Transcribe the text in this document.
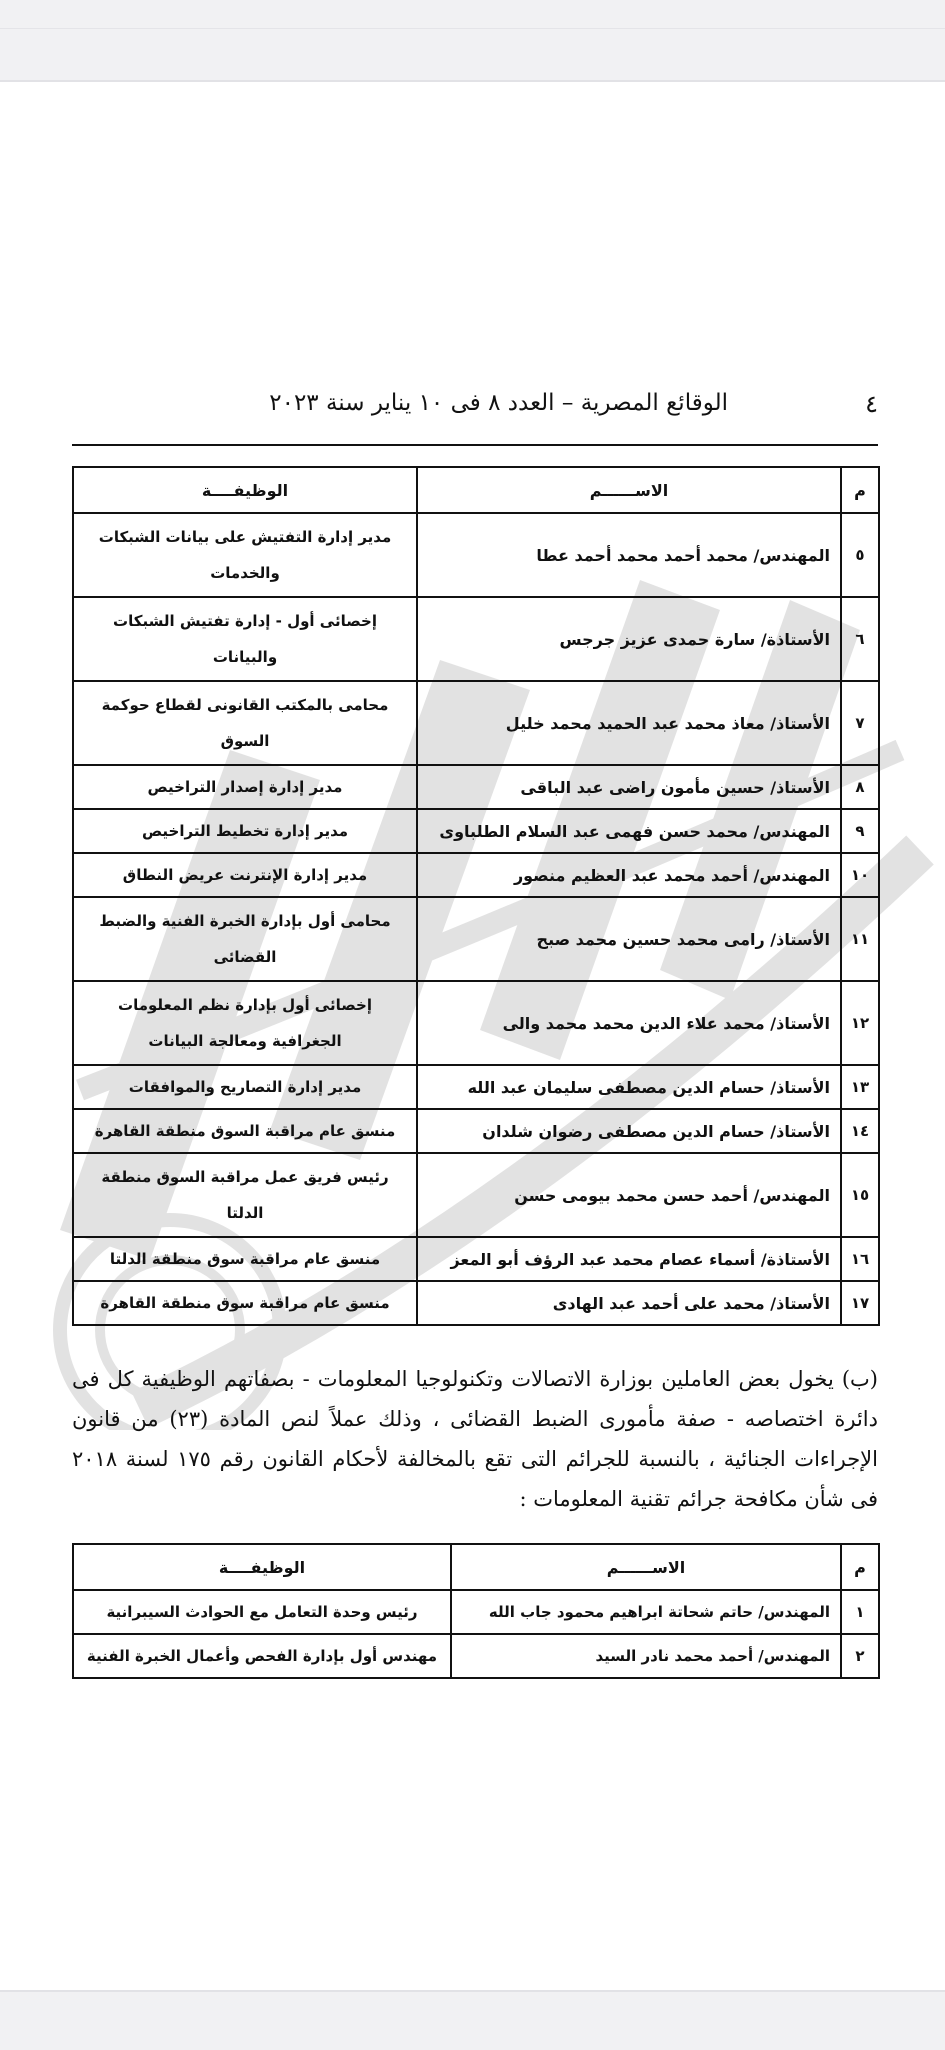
٤
الوقائع المصرية – العدد ٨ فى ١٠ يناير سنة ٢٠٢٣
م	الاســــــم	الوظيفــــة
٥	المهندس/ محمد أحمد محمد أحمد عطا	مدير إدارة التفتيش على بيانات الشبكات والخدمات
٦	الأستاذة/ سارة حمدى عزيز جرجس	إخصائى أول - إدارة تفتيش الشبكات والبيانات
٧	الأستاذ/ معاذ محمد عبد الحميد محمد خليل	محامى بالمكتب القانونى لقطاع حوكمة السوق
٨	الأستاذ/ حسين مأمون راضى عبد الباقى	مدير إدارة إصدار التراخيص
٩	المهندس/ محمد حسن فهمى عبد السلام الطلباوى	مدير إدارة تخطيط التراخيص
١٠	المهندس/ أحمد محمد عبد العظيم منصور	مدير إدارة الإنترنت عريض النطاق
١١	الأستاذ/ رامى محمد حسين محمد صبح	محامى أول بإدارة الخبرة الفنية والضبط القضائى
١٢	الأستاذ/ محمد علاء الدين محمد محمد والى	إخصائى أول بإدارة نظم المعلومات الجغرافية ومعالجة البيانات
١٣	الأستاذ/ حسام الدين مصطفى سليمان عبد الله	مدير إدارة التصاريح والموافقات
١٤	الأستاذ/ حسام الدين مصطفى رضوان شلدان	منسق عام مراقبة السوق منطقة القاهرة
١٥	المهندس/ أحمد حسن محمد بيومى حسن	رئيس فريق عمل مراقبة السوق منطقة الدلتا
١٦	الأستاذة/ أسماء عصام محمد عبد الرؤف أبو المعز	منسق عام مراقبة سوق منطقة الدلتا
١٧	الأستاذ/ محمد على أحمد عبد الهادى	منسق عام مراقبة سوق منطقة القاهرة

(ب) يخول بعض العاملين بوزارة الاتصالات وتكنولوجيا المعلومات - بصفاتهم الوظيفية كل فى دائرة اختصاصه - صفة مأمورى الضبط القضائى ، وذلك عملاً لنص المادة (٢٣) من قانون الإجراءات الجنائية ، بالنسبة للجرائم التى تقع بالمخالفة لأحكام القانون رقم ١٧٥ لسنة ٢٠١٨ فى شأن مكافحة جرائم تقنية المعلومات :

م	الاســــــم	الوظيفــــة
١	المهندس/ حاتم شحاتة ابراهيم محمود جاب الله	رئيس وحدة التعامل مع الحوادث السيبرانية
٢	المهندس/ أحمد محمد نادر السيد	مهندس أول بإدارة الفحص وأعمال الخبرة الفنية
